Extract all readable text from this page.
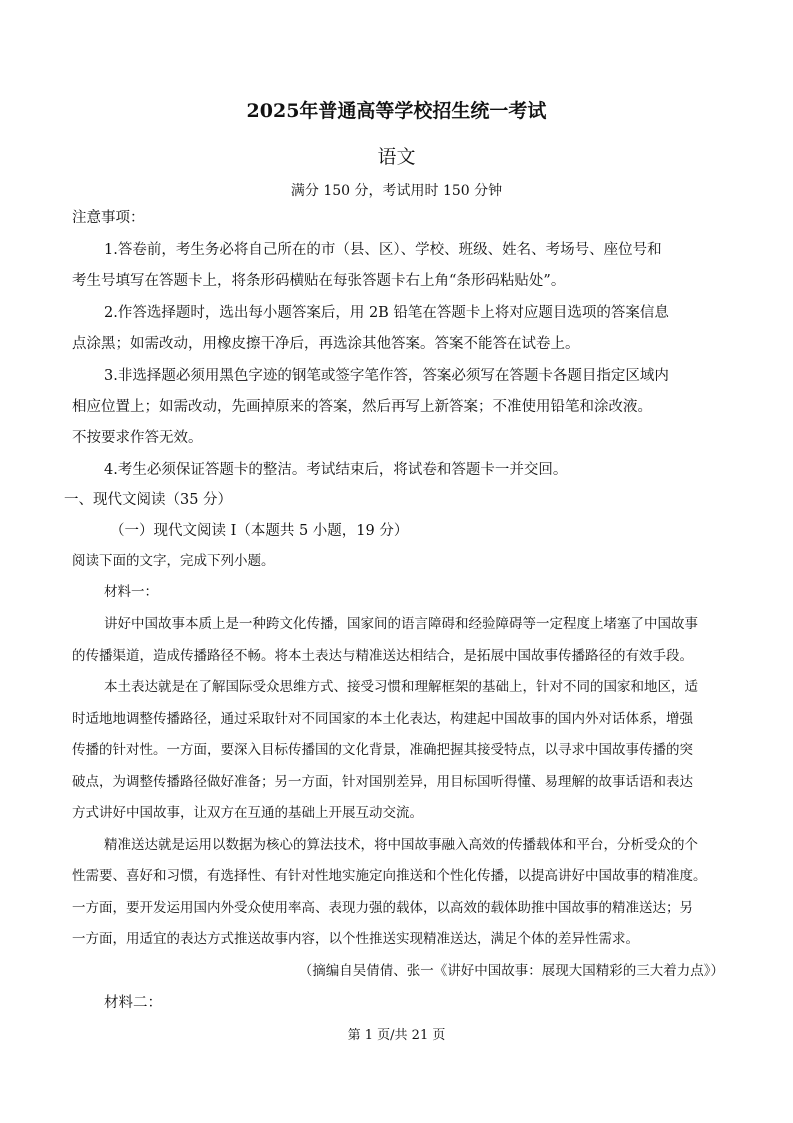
2025年普通高等学校招生统一考试
语文
满分 150 分，考试用时 150 分钟
注意事项：
1.答卷前，考生务必将自己所在的市（县、区）、学校、班级、姓名、考场号、座位号和
考生号填写在答题卡上，将条形码横贴在每张答题卡右上角“条形码粘贴处”。
2.作答选择题时，选出每小题答案后，用 2B 铅笔在答题卡上将对应题目选项的答案信息
点涂黑；如需改动，用橡皮擦干净后，再选涂其他答案。答案不能答在试卷上。
3.非选择题必须用黑色字迹的钢笔或签字笔作答，答案必须写在答题卡各题目指定区域内
相应位置上；如需改动，先画掉原来的答案，然后再写上新答案；不准使用铅笔和涂改液。
不按要求作答无效。
4.考生必须保证答题卡的整洁。考试结束后，将试卷和答题卡一并交回。
一、现代文阅读（35 分）
（一）现代文阅读 I（本题共 5 小题，19 分）
阅读下面的文字，完成下列小题。
材料一：
讲好中国故事本质上是一种跨文化传播，国家间的语言障碍和经验障碍等一定程度上堵塞了中国故事
的传播渠道，造成传播路径不畅。将本土表达与精准送达相结合，是拓展中国故事传播路径的有效手段。
本土表达就是在了解国际受众思维方式、接受习惯和理解框架的基础上，针对不同的国家和地区，适
时适地地调整传播路径，通过采取针对不同国家的本土化表达，构建起中国故事的国内外对话体系，增强
传播的针对性。一方面，要深入目标传播国的文化背景，准确把握其接受特点，以寻求中国故事传播的突
破点，为调整传播路径做好准备；另一方面，针对国别差异，用目标国听得懂、易理解的故事话语和表达
方式讲好中国故事，让双方在互通的基础上开展互动交流。
精准送达就是运用以数据为核心的算法技术，将中国故事融入高效的传播载体和平台，分析受众的个
性需要、喜好和习惯，有选择性、有针对性地实施定向推送和个性化传播，以提高讲好中国故事的精准度。
一方面，要开发运用国内外受众使用率高、表现力强的载体，以高效的载体助推中国故事的精准送达；另
一方面，用适宜的表达方式推送故事内容，以个性推送实现精准送达，满足个体的差异性需求。
（摘编自吴倩倩、张一《讲好中国故事：展现大国精彩的三大着力点》）
材料二：
第 1 页/共 21 页
